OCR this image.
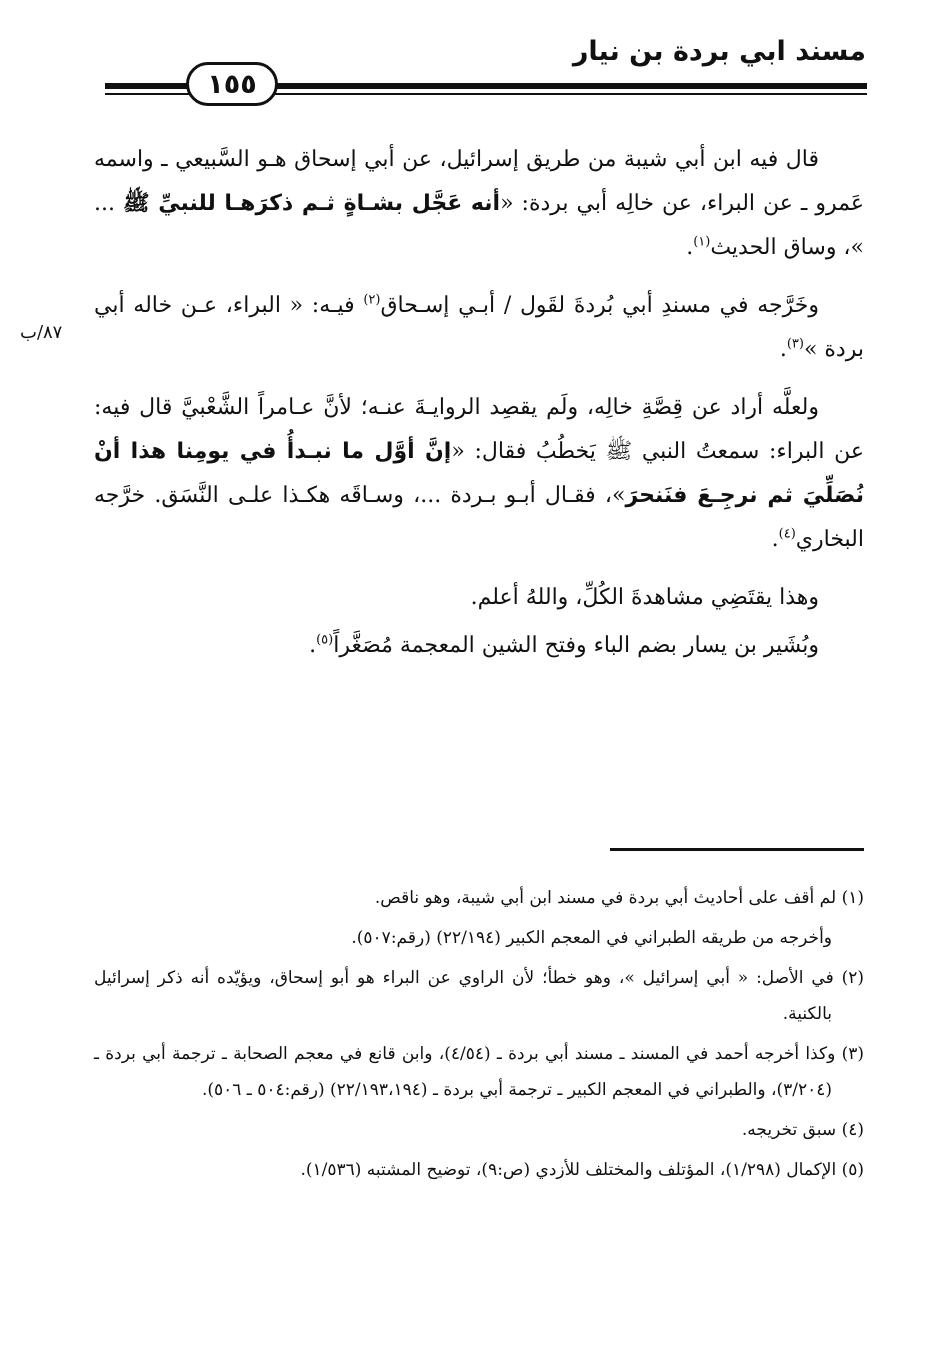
مسند ابي بردة بن نيار
١٥٥
٨٧/ب

قال فيه ابن أبي شيبة من طريق إسرائيل، عن أبي إسحاق هـو السَّبيعي ـ واسمه عَمرو ـ عن البراء، عن خالِه أبي بردة: «أنه عَجَّل بشـاةٍ ثـم ذكرَهـا للنبيِّ ﷺ ... »، وساق الحديث$^{(١)}$.

وخَرَّجه في مسندِ أبي بُردةَ لقَول / أبـي إسـحاق$^{(٢)}$ فيـه: « البراء، عـن خاله أبي بردة »$^{(٣)}$.

ولعلَّه أراد عن قِصَّةِ خالِه، ولَم يقصِد الروايـةَ عنـه؛ لأنَّ عـامراً الشَّعْبيَّ قال فيه: عن البراء: سمعتُ النبي ﷺ يَخطُبُ فقال: «إنَّ أوَّل ما نبـدأُ في يومِنا هذا أنْ نُصَلِّيَ ثم نرجِـعَ فنَنحرَ»، فقـال أبـو بـردة ...، وسـاقَه هكـذا علـى النَّسَق. خرَّجه البخاري$^{(٤)}$.

وهذا يقتَضِي مشاهدةَ الكُلِّ، واللهُ أعلم.

وبُشَير بن يسار بضم الباء وفتح الشين المعجمة مُصَغَّراً$^{(٥)}$.

(١) لم أقف على أحاديث أبي بردة في مسند ابن أبي شيبة، وهو ناقص.

وأخرجه من طريقه الطبراني في المعجم الكبير (٢٢/١٩٤) (رقم:٥٠٧).

(٢) في الأصل: « أبي إسرائيل »، وهو خطأ؛ لأن الراوي عن البراء هو أبو إسحاق، ويؤيّده أنه ذكر إسرائيل بالكنية.

(٣) وكذا أخرجه أحمد في المسند ـ مسند أبي بردة ـ (٤/٥٤)، وابن قانع في معجم الصحابة ـ ترجمة أبي بردة ـ (٣/٢٠٤)، والطبراني في المعجم الكبير ـ ترجمة أبي بردة ـ (٢٢/١٩٣،١٩٤) (رقم:٥٠٤ ـ ٥٠٦).

(٤) سبق تخريجه.

(٥) الإكمال (١/٢٩٨)، المؤتلف والمختلف للأزدي (ص:٩)، توضيح المشتبه (١/٥٣٦).
